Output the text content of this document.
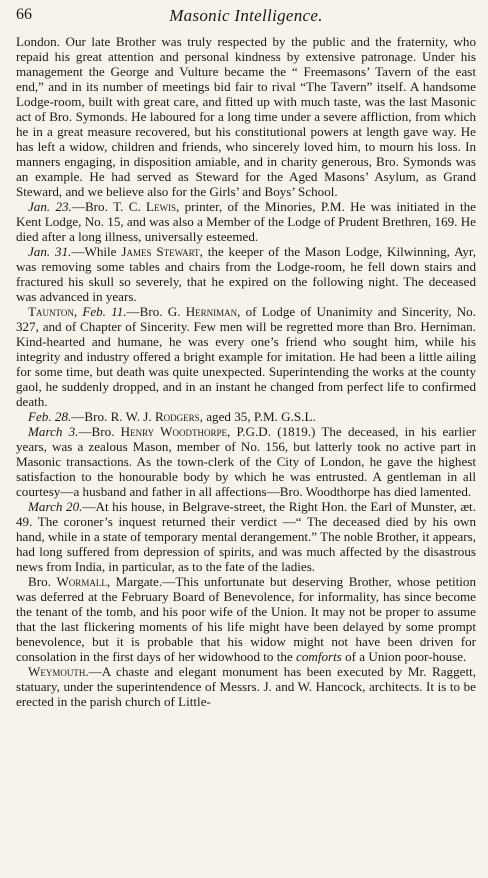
66	Masonic Intelligence.

London. Our late Brother was truly respected by the public and the fraternity, who repaid his great attention and personal kindness by extensive patronage. Under his management the George and Vulture became the “ Freemasons’ Tavern of the east end,” and in its number of meetings bid fair to rival “The Tavern” itself. A handsome Lodge-room, built with great care, and fitted up with much taste, was the last Masonic act of Bro. Symonds. He laboured for a long time under a severe affliction, from which he in a great measure recovered, but his constitutional powers at length gave way. He has left a widow, children and friends, who sincerely loved him, to mourn his loss. In manners engaging, in disposition amiable, and in charity generous, Bro. Symonds was an example. He had served as Steward for the Aged Masons’ Asylum, as Grand Steward, and we believe also for the Girls’ and Boys’ School.

Jan. 23.—Bro. T. C. Lewis, printer, of the Minories, P.M. He was initiated in the Kent Lodge, No. 15, and was also a Member of the Lodge of Prudent Brethren, 169. He died after a long illness, universally esteemed.

Jan. 31.—While James Stewart, the keeper of the Mason Lodge, Kilwinning, Ayr, was removing some tables and chairs from the Lodge-room, he fell down stairs and fractured his skull so severely, that he expired on the following night. The deceased was advanced in years.

Taunton, Feb. 11.—Bro. G. Herniman, of Lodge of Unanimity and Sincerity, No. 327, and of Chapter of Sincerity. Few men will be regretted more than Bro. Herniman. Kind-hearted and humane, he was every one’s friend who sought him, while his integrity and industry offered a bright example for imitation. He had been a little ailing for some time, but death was quite unexpected. Superintending the works at the county gaol, he suddenly dropped, and in an instant he changed from perfect life to confirmed death.

Feb. 28.—Bro. R. W. J. Rodgers, aged 35, P.M. G.S.L.

March 3.—Bro. Henry Woodthorpe, P.G.D. (1819.) The deceased, in his earlier years, was a zealous Mason, member of No. 156, but latterly took no active part in Masonic transactions. As the town-clerk of the City of London, he gave the highest satisfaction to the honourable body by which he was entrusted. A gentleman in all courtesy—a husband and father in all affections—Bro. Woodthorpe has died lamented.

March 20.—At his house, in Belgrave-street, the Right Hon. the Earl of Munster, æt. 49. The coroner’s inquest returned their verdict —“ The deceased died by his own hand, while in a state of temporary mental derangement.” The noble Brother, it appears, had long suffered from depression of spirits, and was much affected by the disastrous news from India, in particular, as to the fate of the ladies.

Bro. Wormall, Margate.—This unfortunate but deserving Brother, whose petition was deferred at the February Board of Benevolence, for informality, has since become the tenant of the tomb, and his poor wife of the Union. It may not be proper to assume that the last flickering moments of his life might have been delayed by some prompt benevolence, but it is probable that his widow might not have been driven for consolation in the first days of her widowhood to the comforts of a Union poor-house.

Weymouth.—A chaste and elegant monument has been executed by Mr. Raggett, statuary, under the superintendence of Messrs. J. and W. Hancock, architects. It is to be erected in the parish church of Little-
